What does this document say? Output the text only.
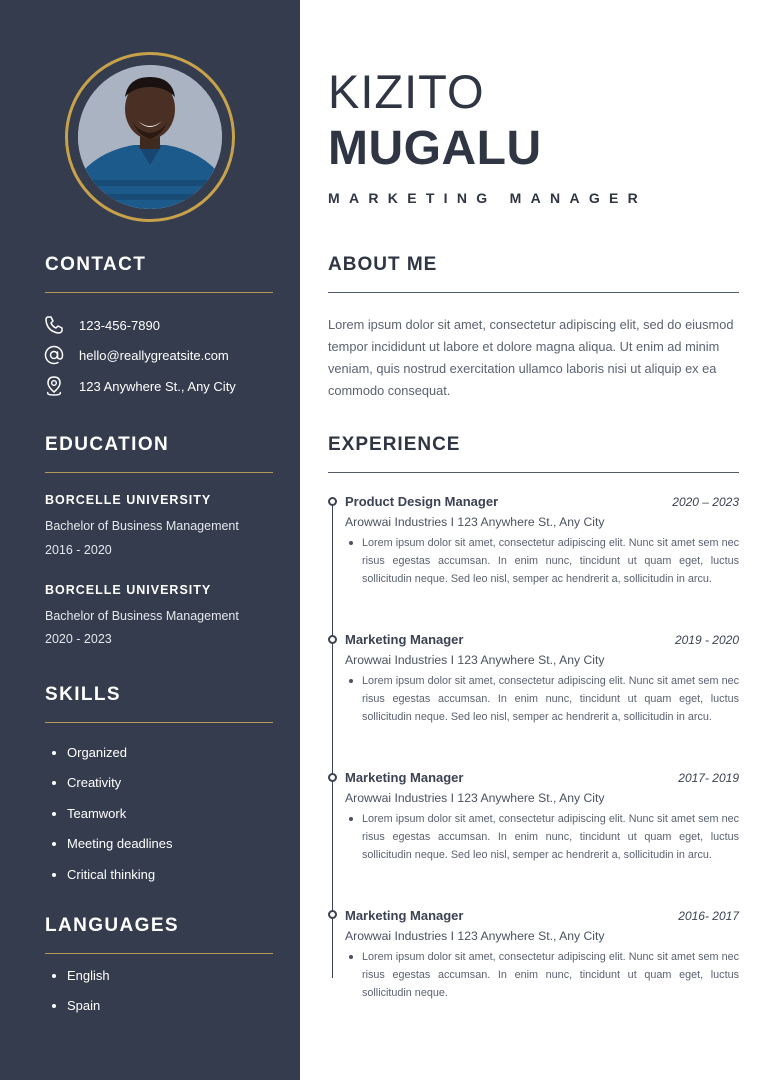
CONTACT
123-456-7890
hello@reallygreatsite.com
123 Anywhere St., Any City
EDUCATION
BORCELLE UNIVERSITY
Bachelor of Business Management
2016 - 2020
BORCELLE UNIVERSITY
Bachelor of Business Management
2020 - 2023
SKILLS
Organized
Creativity
Teamwork
Meeting deadlines
Critical thinking
LANGUAGES
English
Spain
KIZITO
MUGALU
MARKETING MANAGER
ABOUT ME
Lorem ipsum dolor sit amet, consectetur adipiscing elit, sed do eiusmod tempor incididunt ut labore et dolore magna aliqua. Ut enim ad minim veniam, quis nostrud exercitation ullamco laboris nisi ut aliquip ex ea commodo consequat.
EXPERIENCE
Product Design Manager	2020 – 2023
Arowwai Industries I 123 Anywhere St., Any City
Lorem ipsum dolor sit amet, consectetur adipiscing elit. Nunc sit amet sem nec risus egestas accumsan. In enim nunc, tincidunt ut quam eget, luctus sollicitudin neque. Sed leo nisl, semper ac hendrerit a, sollicitudin in arcu.
Marketing Manager	2019 - 2020
Arowwai Industries I 123 Anywhere St., Any City
Lorem ipsum dolor sit amet, consectetur adipiscing elit. Nunc sit amet sem nec risus egestas accumsan. In enim nunc, tincidunt ut quam eget, luctus sollicitudin neque. Sed leo nisl, semper ac hendrerit a, sollicitudin in arcu.
Marketing Manager	2017- 2019
Arowwai Industries I 123 Anywhere St., Any City
Lorem ipsum dolor sit amet, consectetur adipiscing elit. Nunc sit amet sem nec risus egestas accumsan. In enim nunc, tincidunt ut quam eget, luctus sollicitudin neque. Sed leo nisl, semper ac hendrerit a, sollicitudin in arcu.
Marketing Manager	2016- 2017
Arowwai Industries I 123 Anywhere St., Any City
Lorem ipsum dolor sit amet, consectetur adipiscing elit. Nunc sit amet sem nec risus egestas accumsan. In enim nunc, tincidunt ut quam eget, luctus sollicitudin neque.
